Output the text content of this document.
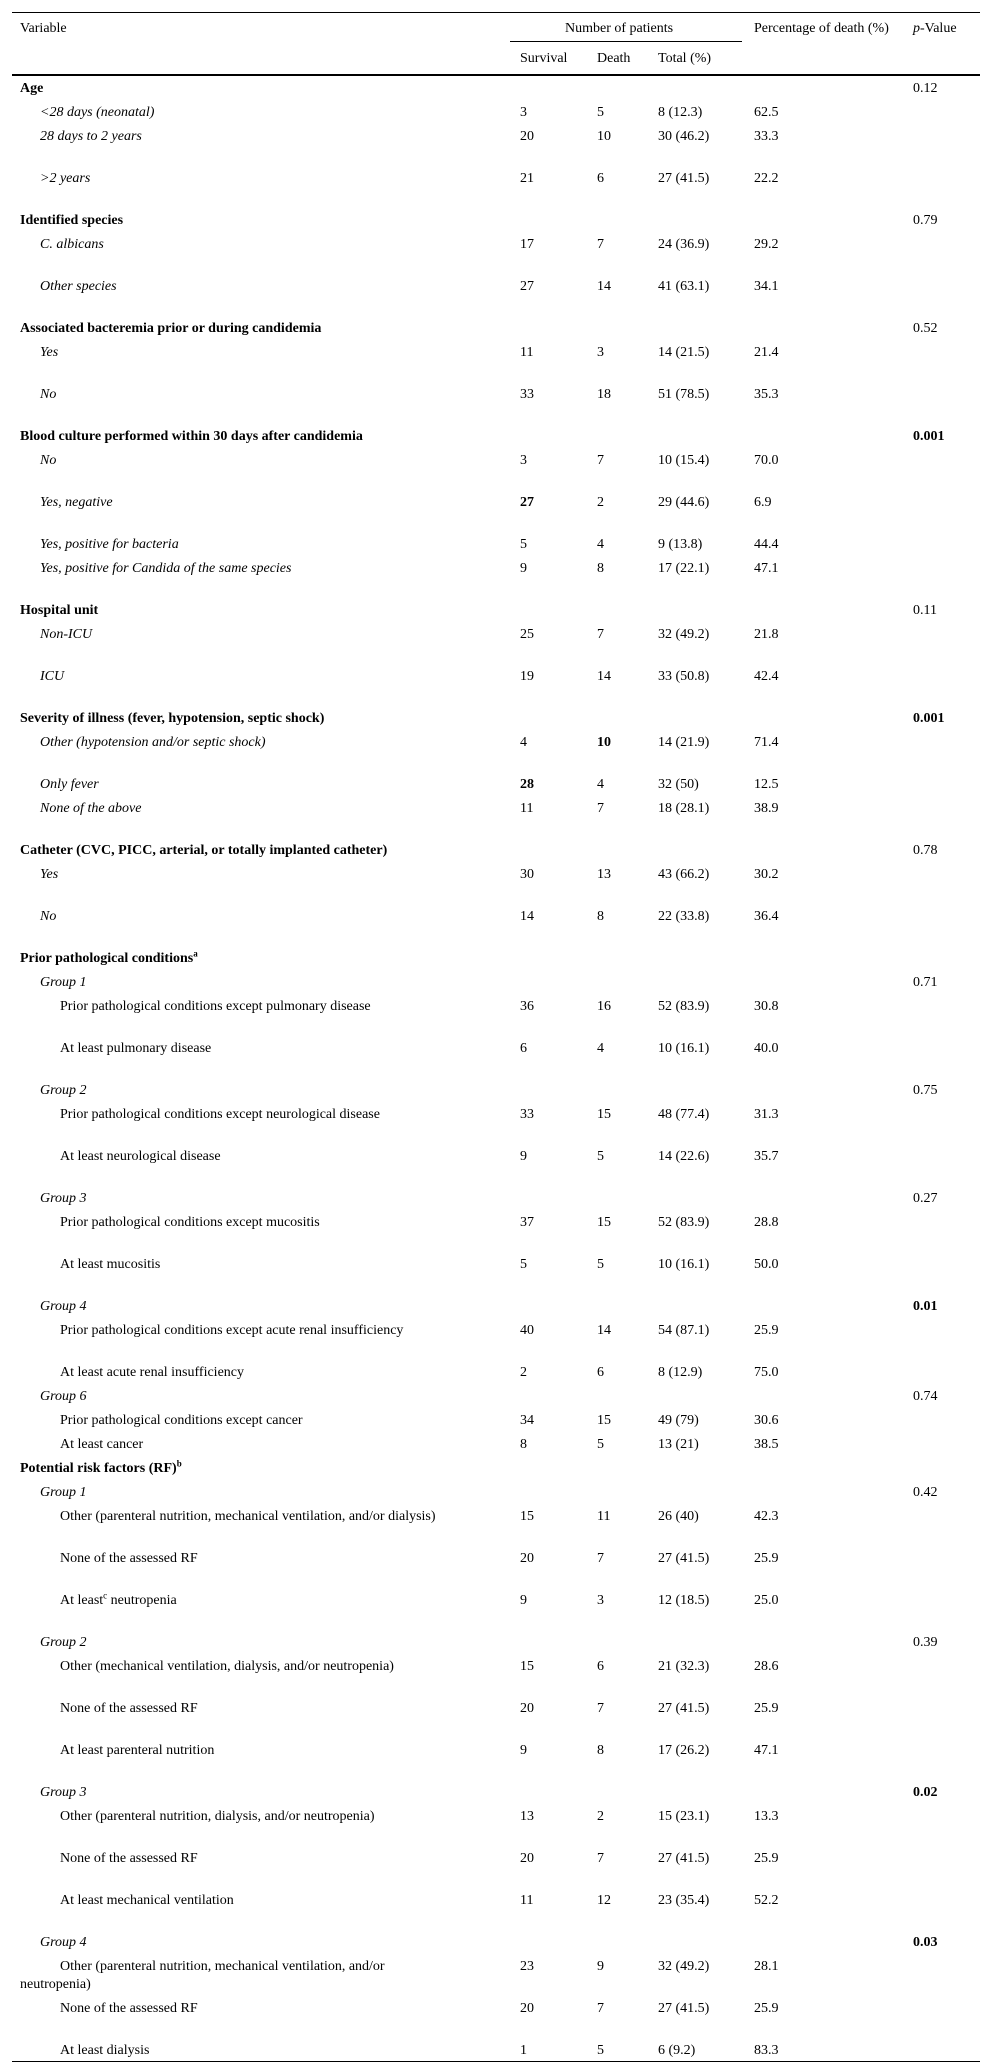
Variable	Number of patients
Survival Death Total (%)
Percentage of death (%)	p-Value
Age	0.12
<28 days (neonatal)	3	5	8 (12.3)	62.5
28 days to 2 years	20	10	30 (46.2)	33.3
>2 years	21	6	27 (41.5)	22.2
Identified species	0.79
C. albicans	17	7	24 (36.9)	29.2
Other species	27	14	41 (63.1)	34.1
Associated bacteremia prior or during candidemia	0.52
Yes	11	3	14 (21.5)	21.4
No	33	18	51 (78.5)	35.3
Blood culture performed within 30 days after candidemia	0.001
No	3	7	10 (15.4)	70.0
Yes, negative	27	2	29 (44.6)	6.9
Yes, positive for bacteria	5	4	9 (13.8)	44.4
Yes, positive for Candida of the same species	9	8	17 (22.1)	47.1
Hospital unit	0.11
Non-ICU	25	7	32 (49.2)	21.8
ICU	19	14	33 (50.8)	42.4
Severity of illness (fever, hypotension, septic shock)	0.001
Other (hypotension and/or septic shock)	4	10	14 (21.9)	71.4
Only fever	28	4	32 (50)	12.5
None of the above	11	7	18 (28.1)	38.9
Catheter (CVC, PICC, arterial, or totally implanted catheter)	0.78
Yes	30	13	43 (66.2)	30.2
No	14	8	22 (33.8)	36.4
Prior pathological conditions$^a$
Group 1	0.71
Prior pathological conditions except pulmonary disease	36	16	52 (83.9)	30.8
At least pulmonary disease	6	4	10 (16.1)	40.0
Group 2	0.75
Prior pathological conditions except neurological disease	33	15	48 (77.4)	31.3
At least neurological disease	9	5	14 (22.6)	35.7
Group 3	0.27
Prior pathological conditions except mucositis	37	15	52 (83.9)	28.8
At least mucositis	5	5	10 (16.1)	50.0
Group 4	0.01
Prior pathological conditions except acute renal insufficiency	40	14	54 (87.1)	25.9
At least acute renal insufficiency	2	6	8 (12.9)	75.0
Group 6	0.74
Prior pathological conditions except cancer	34	15	49 (79)	30.6
At least cancer	8	5	13 (21)	38.5
Potential risk factors (RF)$^b$
Group 1	0.42
Other (parenteral nutrition, mechanical ventilation, and/or dialysis)	15	11	26 (40)	42.3
None of the assessed RF	20	7	27 (41.5)	25.9
At least$^c$ neutropenia	9	3	12 (18.5)	25.0
Group 2	0.39
Other (mechanical ventilation, dialysis, and/or neutropenia)	15	6	21 (32.3)	28.6
None of the assessed RF	20	7	27 (41.5)	25.9
At least parenteral nutrition	9	8	17 (26.2)	47.1
Group 3	0.02
Other (parenteral nutrition, dialysis, and/or neutropenia)	13	2	15 (23.1)	13.3
None of the assessed RF	20	7	27 (41.5)	25.9
At least mechanical ventilation	11	12	23 (35.4)	52.2
Group 4	0.03
Other (parenteral nutrition, mechanical ventilation, and/or neutropenia)
23	9	32 (49.2)	28.1
None of the assessed RF	20	7	27 (41.5)	25.9
At least dialysis	1	5	6 (9.2)	83.3
